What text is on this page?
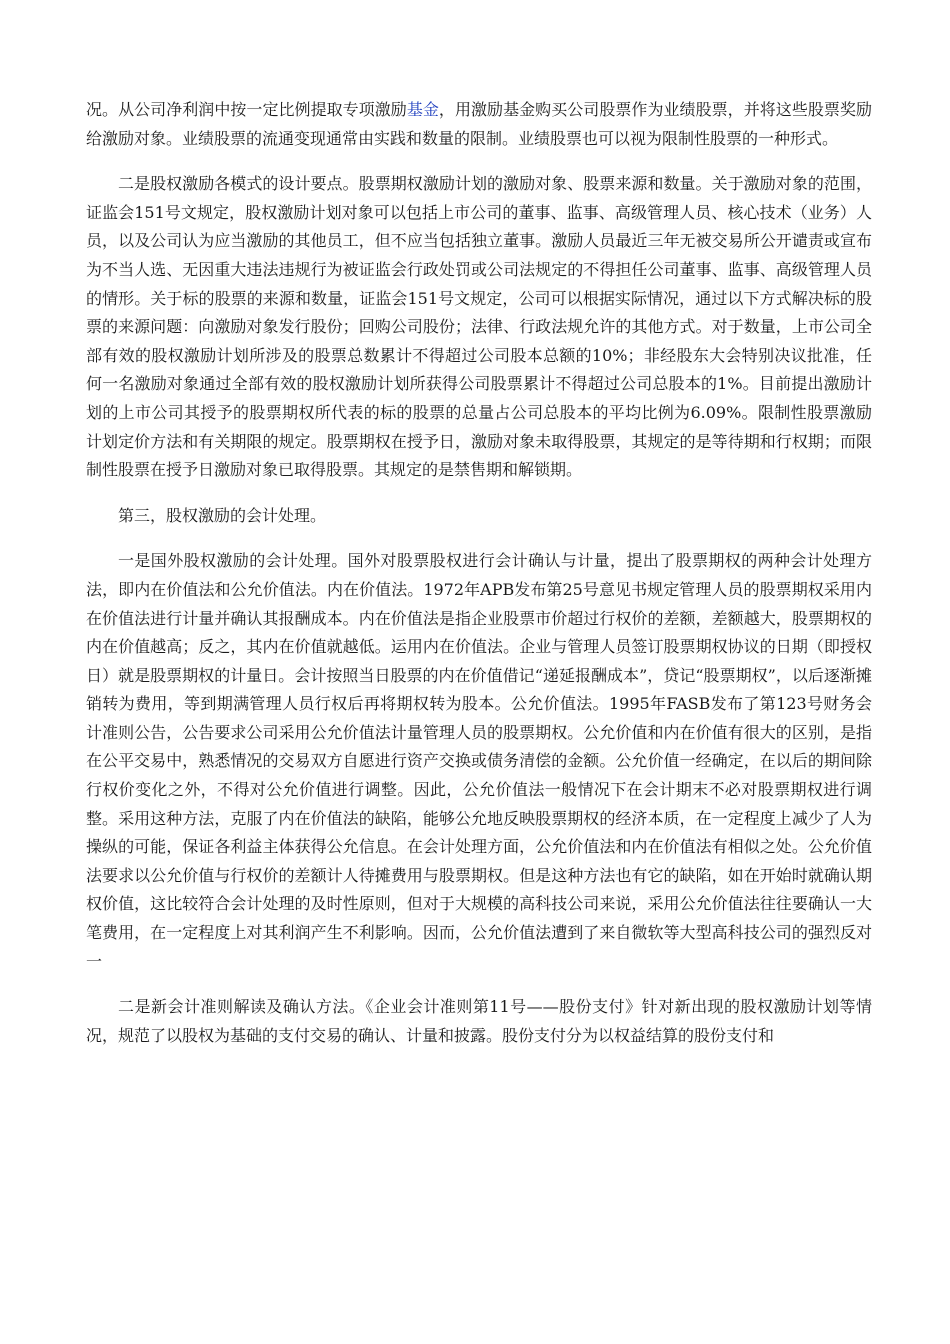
况。从公司净利润中按一定比例提取专项激励基金，用激励基金购买公司股票作为业绩股票，并将这些股票奖励给激励对象。业绩股票的流通变现通常由实践和数量的限制。业绩股票也可以视为限制性股票的一种形式。

二是股权激励各模式的设计要点。股票期权激励计划的激励对象、股票来源和数量。关于激励对象的范围，证监会151号文规定，股权激励计划对象可以包括上市公司的董事、监事、高级管理人员、核心技术（业务）人员，以及公司认为应当激励的其他员工，但不应当包括独立董事。激励人员最近三年无被交易所公开谴责或宣布为不当人选、无因重大违法违规行为被证监会行政处罚或公司法规定的不得担任公司董事、监事、高级管理人员的情形。关于标的股票的来源和数量，证监会151号文规定，公司可以根据实际情况，通过以下方式解决标的股票的来源问题：向激励对象发行股份；回购公司股份；法律、行政法规允许的其他方式。对于数量，上市公司全部有效的股权激励计划所涉及的股票总数累计不得超过公司股本总额的10%；非经股东大会特别决议批准，任何一名激励对象通过全部有效的股权激励计划所获得公司股票累计不得超过公司总股本的1%。目前提出激励计划的上市公司其授予的股票期权所代表的标的股票的总量占公司总股本的平均比例为6.09%。限制性股票激励计划定价方法和有关期限的规定。股票期权在授予日，激励对象未取得股票，其规定的是等待期和行权期；而限制性股票在授予日激励对象已取得股票。其规定的是禁售期和解锁期。

第三，股权激励的会计处理。

一是国外股权激励的会计处理。国外对股票股权进行会计确认与计量，提出了股票期权的两种会计处理方法，即内在价值法和公允价值法。内在价值法。1972年APB发布第25号意见书规定管理人员的股票期权采用内在价值法进行计量并确认其报酬成本。内在价值法是指企业股票市价超过行权价的差额，差额越大，股票期权的内在价值越高；反之，其内在价值就越低。运用内在价值法。企业与管理人员签订股票期权协议的日期（即授权日）就是股票期权的计量日。会计按照当日股票的内在价值借记“递延报酬成本”，贷记“股票期权”，以后逐渐摊销转为费用，等到期满管理人员行权后再将期权转为股本。公允价值法。1995年FASB发布了第123号财务会计准则公告，公告要求公司采用公允价值法计量管理人员的股票期权。公允价值和内在价值有很大的区别，是指在公平交易中，熟悉情况的交易双方自愿进行资产交换或债务清偿的金额。公允价值一经确定，在以后的期间除行权价变化之外，不得对公允价值进行调整。因此，公允价值法一般情况下在会计期末不必对股票期权进行调整。采用这种方法，克服了内在价值法的缺陷，能够公允地反映股票期权的经济本质，在一定程度上减少了人为操纵的可能，保证各利益主体获得公允信息。在会计处理方面，公允价值法和内在价值法有相似之处。公允价值法要求以公允价值与行权价的差额计人待摊费用与股票期权。但是这种方法也有它的缺陷，如在开始时就确认期权价值，这比较符合会计处理的及时性原则，但对于大规模的高科技公司来说，采用公允价值法往往要确认一大笔费用，在一定程度上对其利润产生不利影响。因而，公允价值法遭到了来自微软等大型高科技公司的强烈反对一

二是新会计准则解读及确认方法。《企业会计准则第11号——股份支付》针对新出现的股权激励计划等情况，规范了以股权为基础的支付交易的确认、计量和披露。股份支付分为以权益结算的股份支付和
